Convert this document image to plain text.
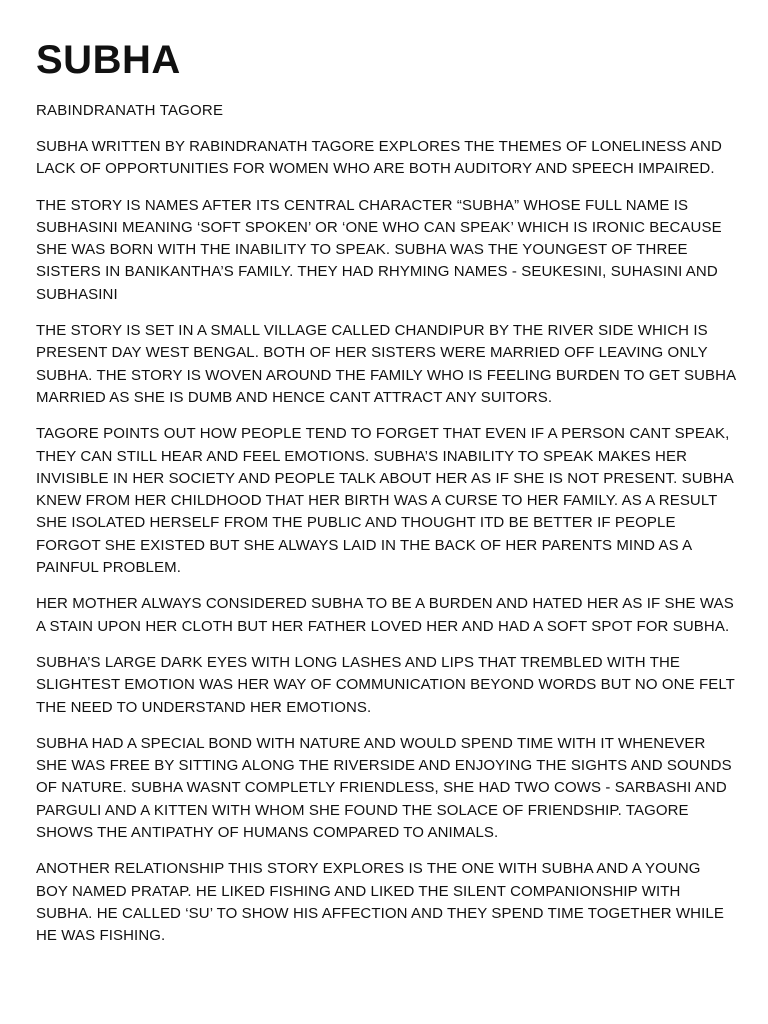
SUBHA

RABINDRANATH TAGORE

SUBHA WRITTEN BY RABINDRANATH TAGORE EXPLORES THE THEMES OF LONELINESS AND LACK OF OPPORTUNITIES FOR WOMEN WHO ARE BOTH AUDITORY AND SPEECH IMPAIRED.

THE STORY IS NAMES AFTER ITS CENTRAL CHARACTER “SUBHA” WHOSE FULL NAME IS SUBHASINI MEANING ‘SOFT SPOKEN’ OR ‘ONE WHO CAN SPEAK’ WHICH IS IRONIC BECAUSE SHE WAS BORN WITH THE INABILITY TO SPEAK. SUBHA WAS THE YOUNGEST OF THREE SISTERS IN BANIKANTHA’S FAMILY. THEY HAD RHYMING NAMES - SEUKESINI, SUHASINI AND SUBHASINI

THE STORY IS SET IN A SMALL VILLAGE CALLED CHANDIPUR BY THE RIVER SIDE WHICH IS PRESENT DAY WEST BENGAL. BOTH OF HER SISTERS WERE MARRIED OFF LEAVING ONLY SUBHA. THE STORY IS WOVEN AROUND THE FAMILY WHO IS FEELING BURDEN TO GET SUBHA MARRIED AS SHE IS DUMB AND HENCE CANT ATTRACT ANY SUITORS.

TAGORE POINTS OUT HOW PEOPLE TEND TO FORGET THAT EVEN IF A PERSON CANT SPEAK, THEY CAN STILL HEAR AND FEEL EMOTIONS. SUBHA’S INABILITY TO SPEAK MAKES HER INVISIBLE IN HER SOCIETY AND PEOPLE TALK ABOUT HER AS IF SHE IS NOT PRESENT. SUBHA KNEW FROM HER CHILDHOOD THAT HER BIRTH WAS A CURSE TO HER FAMILY. AS A RESULT SHE ISOLATED HERSELF FROM THE PUBLIC AND THOUGHT ITD BE BETTER IF PEOPLE FORGOT SHE EXISTED BUT SHE ALWAYS LAID IN THE BACK OF HER PARENTS MIND AS A PAINFUL PROBLEM.

HER MOTHER ALWAYS CONSIDERED SUBHA TO BE A BURDEN AND HATED HER AS IF SHE WAS A STAIN UPON HER CLOTH BUT HER FATHER LOVED HER AND HAD A SOFT SPOT FOR SUBHA.

SUBHA’S LARGE DARK EYES WITH LONG LASHES AND LIPS THAT TREMBLED WITH THE SLIGHTEST EMOTION WAS HER WAY OF COMMUNICATION BEYOND WORDS BUT NO ONE FELT THE NEED TO UNDERSTAND HER EMOTIONS.

SUBHA HAD A SPECIAL BOND WITH NATURE AND WOULD SPEND TIME WITH IT WHENEVER SHE WAS FREE BY SITTING ALONG THE RIVERSIDE AND ENJOYING THE SIGHTS AND SOUNDS OF NATURE. SUBHA WASNT COMPLETLY FRIENDLESS, SHE HAD TWO COWS - SARBASHI AND PARGULI AND A KITTEN WITH WHOM SHE FOUND THE SOLACE OF FRIENDSHIP. TAGORE SHOWS THE ANTIPATHY OF HUMANS COMPARED TO ANIMALS.

ANOTHER RELATIONSHIP THIS STORY EXPLORES IS THE ONE WITH SUBHA AND A YOUNG BOY NAMED PRATAP. HE LIKED FISHING AND LIKED THE SILENT COMPANIONSHIP WITH SUBHA. HE CALLED ‘SU’ TO SHOW HIS AFFECTION AND THEY SPEND TIME TOGETHER WHILE HE WAS FISHING.
